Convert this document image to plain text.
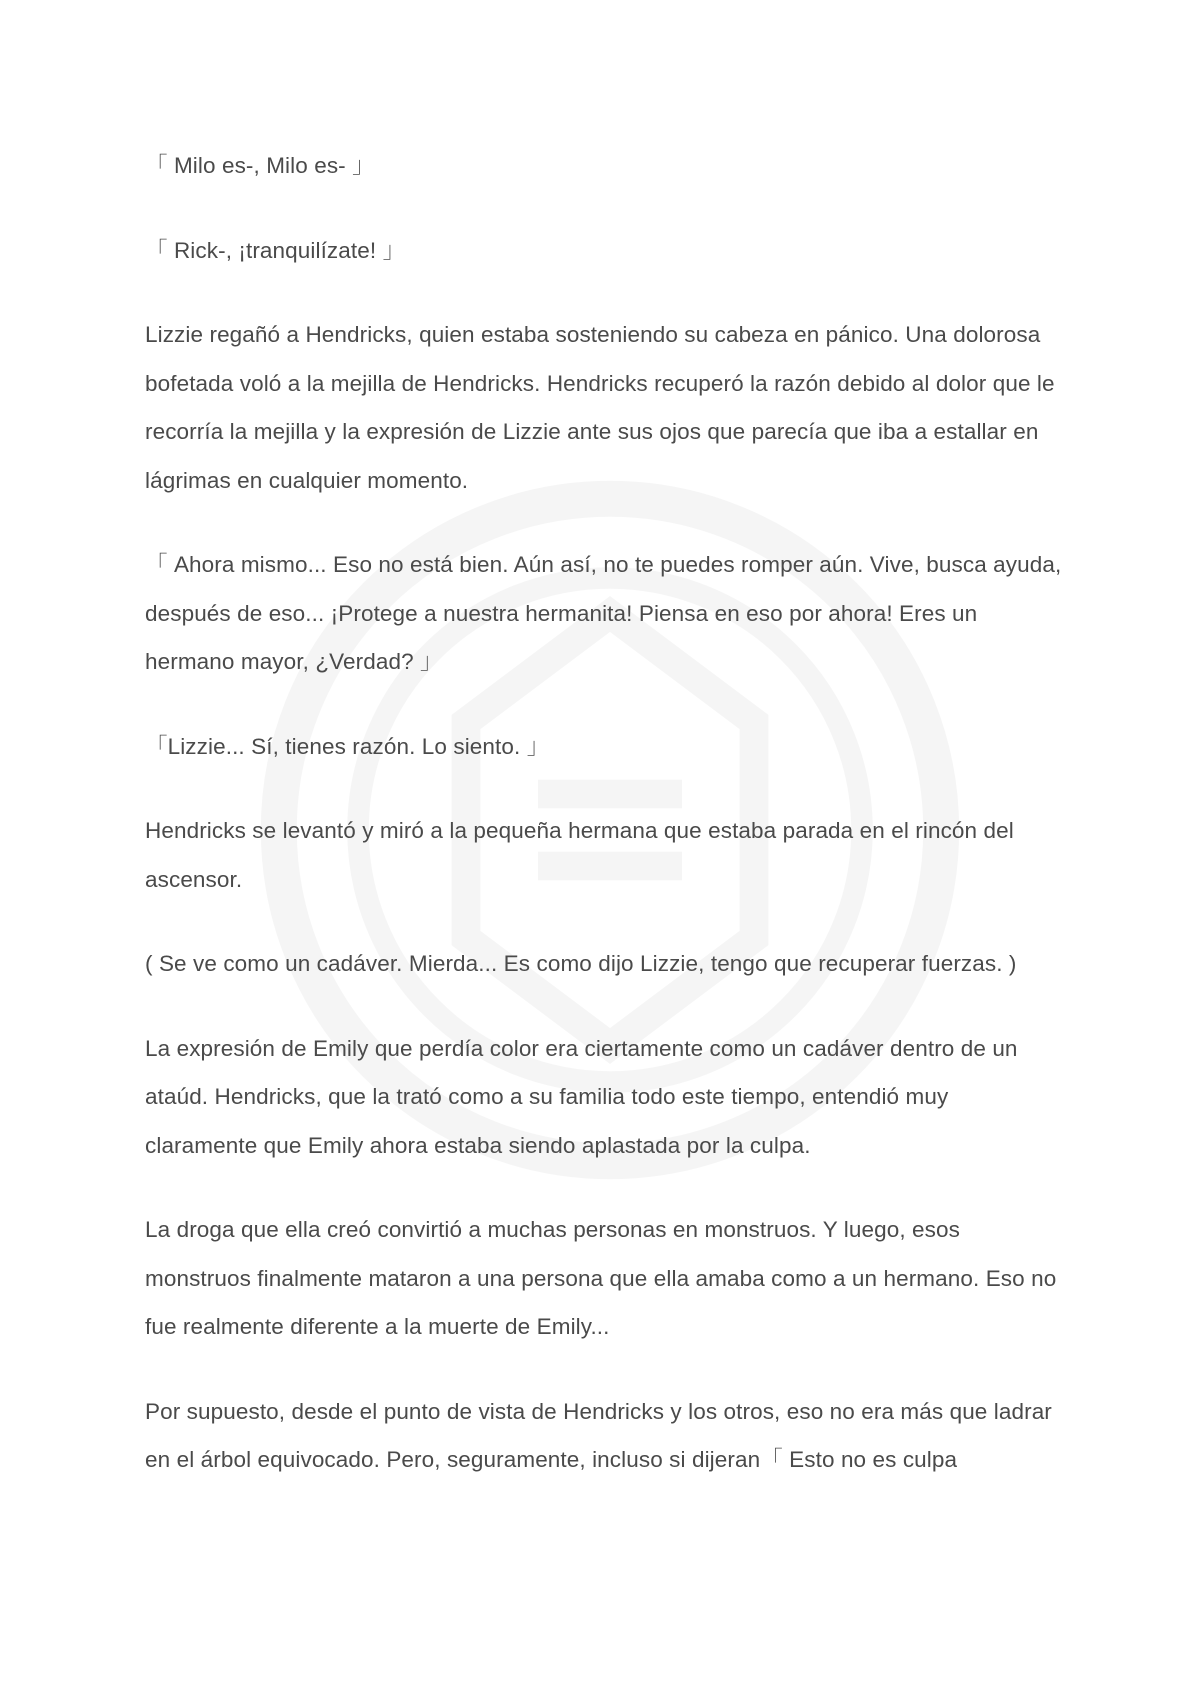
「 Milo es-, Milo es- 」

「 Rick-, ¡tranquilízate! 」

Lizzie regañó a Hendricks, quien estaba sosteniendo su cabeza en pánico. Una dolorosa bofetada voló a la mejilla de Hendricks. Hendricks recuperó la razón debido al dolor que le recorría la mejilla y la expresión de Lizzie ante sus ojos que parecía que iba a estallar en lágrimas en cualquier momento.

「 Ahora mismo... Eso no está bien. Aún así, no te puedes romper aún. Vive, busca ayuda, después de eso... ¡Protege a nuestra hermanita! Piensa en eso por ahora! Eres un hermano mayor, ¿Verdad? 」

「Lizzie... Sí, tienes razón. Lo siento. 」

Hendricks se levantó y miró a la pequeña hermana que estaba parada en el rincón del ascensor.

( Se ve como un cadáver. Mierda... Es como dijo Lizzie, tengo que recuperar fuerzas. )

La expresión de Emily que perdía color era ciertamente como un cadáver dentro de un ataúd. Hendricks, que la trató como a su familia todo este tiempo, entendió muy claramente que Emily ahora estaba siendo aplastada por la culpa.

La droga que ella creó convirtió a muchas personas en monstruos. Y luego, esos monstruos finalmente mataron a una persona que ella amaba como a un hermano. Eso no fue realmente diferente a la muerte de Emily...

Por supuesto, desde el punto de vista de Hendricks y los otros, eso no era más que ladrar en el árbol equivocado. Pero, seguramente, incluso si dijeran「 Esto no es culpa
